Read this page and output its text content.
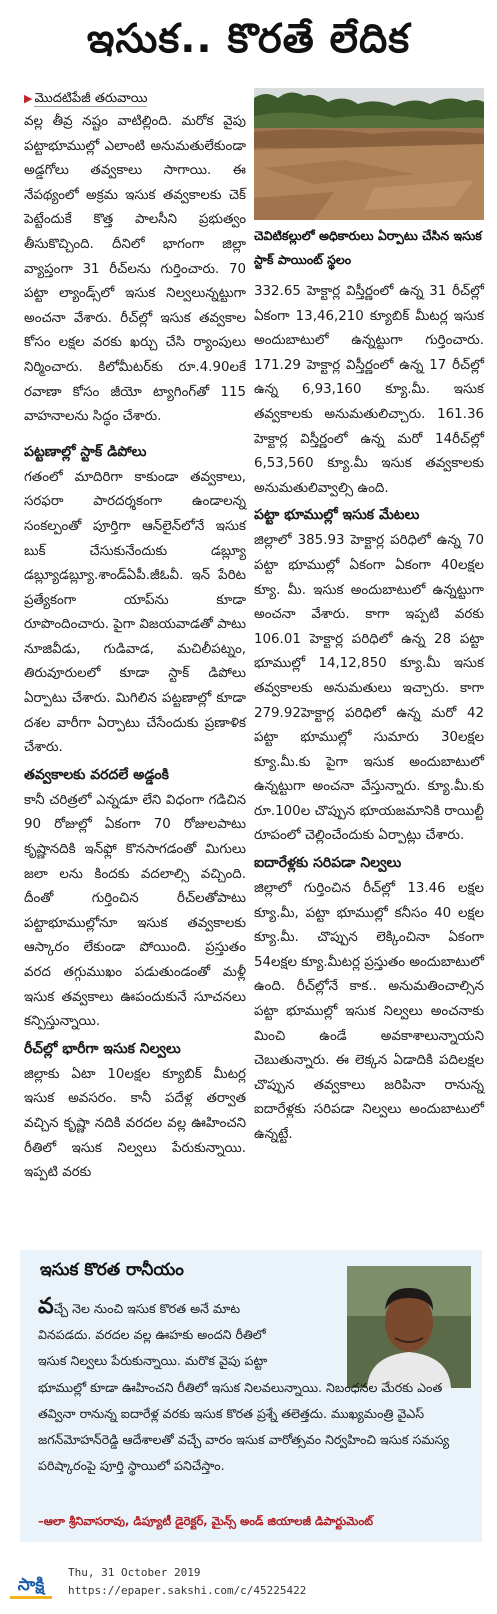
ఇసుక.. కొరతే లేదిక
▶ మొదటిపేజీ తరువాయి

వల్ల తీవ్ర నష్టం వాటిల్లింది. మరోక వైపు పట్టాభూముల్లో ఎలాంటి అనుమతులేకుండా అడ్డగోలు తవ్వకాలు సాగాయి. ఈ నేపథ్యంలో అక్రమ ఇసుక తవ్వకాలకు చెక్ పెట్టేందుకే కొత్త పాలసీని ప్రభుత్వం తీసుకొచ్చింది. దీనిలో భాగంగా జిల్లా వ్యాప్తంగా 31 రీచ్‌లను గుర్తించారు. 70 పట్టా ల్యాండ్స్‌లో ఇసుక నిల్వలున్నట్టుగా అంచనా వేశారు. రీచ్‌ల్లో ఇసుక తవ్వకాల కోసం లక్షల వరకు ఖర్చు చేసి ర్యాంపులు నిర్మించారు. కిలోమీటర్‌కు రూ.4.90లకే రవాణా కోసం జీయో ట్యాగింగ్‌తో 115 వాహనాలను సిద్ధం చేశారు.

పట్టణాల్లో స్టాక్ డిపోలు

గతంలో మాదిరిగా కాకుండా తవ్వకాలు, సరఫరా పారదర్శకంగా ఉండాలన్న సంకల్పంతో పూర్తిగా ఆన్‌లైన్‌లోనే ఇసుక బుక్ చేసుకునేందుకు డబ్ల్యూ డబ్ల్యూడబ్ల్యూ.శాండ్‌ఏపీ.జీఓవీ. ఇన్ పేరిట ప్రత్యేకంగా యాప్‌ను కూడా రూపొందించారు. పైగా విజయవాడతో పాటు నూజివీడు, గుడివాడ, మచిలీపట్నం, తిరువూరులలో కూడా స్టాక్ డిపోలు ఏర్పాటు చేశారు. మిగిలిన పట్టణాల్లో కూడా దశల వారీగా ఏర్పాటు చేసేందుకు ప్రణాళిక చేశారు.

తవ్వకాలకు వరదలే అడ్డంకి

కానీ చరిత్రలో ఎన్నడూ లేని విధంగా గడిచిన 90 రోజుల్లో ఏకంగా 70 రోజులపాటు కృష్ణానదికి ఇన్‌ఫ్లో కొనసాగడంతో మిగులు జలా లను కిందకు వదలాల్సి వచ్చింది. దీంతో గుర్తించిన రీచ్‌లతోపాటు పట్టాభూముల్లోనూ ఇసుక తవ్వకాలకు ఆస్కారం లేకుండా పోయింది. ప్రస్తుతం వరద తగ్గుముఖం పడుతుండంతో మళ్లీ ఇసుక తవ్వకాలు ఊపందుకునే సూచనలు కన్పిస్తున్నాయి.

రీచ్‌ల్లో భారీగా ఇసుక నిల్వలు

జిల్లాకు ఏటా 10లక్షల క్యూబిక్ మీటర్ల ఇసుక అవసరం. కానీ పదేళ్ల తర్వాత వచ్చిన కృష్ణా నదికి వరదల వల్ల ఊహించని రీతిలో ఇసుక నిల్వలు పేరుకున్నాయి. ఇప్పటి వరకు

చెవిటికల్లులో అధికారులు ఏర్పాటు చేసిన ఇసుక స్టాక్ పాయింట్ స్థలం

332.65 హెక్టార్ల విస్తీర్ణంలో ఉన్న 31 రీచ్‌ల్లో ఏకంగా 13,46,210 క్యూబిక్ మీటర్ల ఇసుక అందుబాటులో ఉన్నట్టుగా గుర్తించారు. 171.29 హెక్టార్ల విస్తీర్ణంలో ఉన్న 17 రీచ్‌ల్లో ఉన్న 6,93,160 క్యూ.మీ. ఇసుక తవ్వకాలకు అనుమతులిచ్చారు. 161.36 హెక్టార్ల విస్తీర్ణంలో ఉన్న మరో 14రీచ్‌ల్లో 6,53,560 క్యూ.మీ ఇసుక తవ్వకాలకు అనుమతులివ్వాల్సి ఉంది.

పట్టా భూముల్లో ఇసుక మేటలు

జిల్లాలో 385.93 హెక్టార్ల పరిధిలో ఉన్న 70 పట్టా భూముల్లో ఏకంగా ఏకంగా 40లక్షల క్యూ. మీ. ఇసుక అందుబాటులో ఉన్నట్టుగా అంచనా వేశారు. కాగా ఇప్పటి వరకు 106.01 హెక్టార్ల పరిధిలో ఉన్న 28 పట్టా భూముల్లో 14,12,850 క్యూ.మీ ఇసుక తవ్వకాలకు అనుమతులు ఇచ్చారు. కాగా 279.92హెక్టార్ల పరిధిలో ఉన్న మరో 42 పట్టా భూముల్లో సుమారు 30లక్షల క్యూ.మీ.కు పైగా ఇసుక అందుబాటులో ఉన్నట్టుగా అంచనా వేస్తున్నారు. క్యూ.మీ.కు రూ.100ల చొప్పున భూయజమానికి రాయిల్టీ రూపంలో చెల్లించేందుకు ఏర్పాట్లు చేశారు.

ఐదారేళ్లకు సరిపడా నిల్వలు

జిల్లాలో గుర్తించిన రీచ్‌ల్లో 13.46 లక్షల క్యూ.మీ, పట్టా భూముల్లో కనీసం 40 లక్షల క్యూ.మీ. చొప్పున లెక్కించినా ఏకంగా 54లక్షల క్యూ.మీటర్ల ప్రస్తుతం అందుబాటులో ఉంది. రీచ్‌ల్లోనే కాక.. అనుమతించాల్సిన పట్టా భూముల్లో ఇసుక నిల్వలు అంచనాకు మించి ఉండే అవకాశాలున్నాయని చెబుతున్నారు. ఈ లెక్కన ఏడాదికి పదిలక్షల చొప్పున తవ్వకాలు జరిపినా రానున్న ఐదారేళ్లకు సరిపడా నిల్వలు అందుబాటులో ఉన్నట్టే.

ఇసుక కొరత రానీయం
వచ్చే నెల నుంచి ఇసుక కొరత అనే మాట
వినపడదు. వరదల వల్ల ఊహకు అందని రీతిలో
ఇసుక నిల్వలు పేరుకున్నాయి. మరొక వైపు పట్టా
భూముల్లో కూడా ఊహించని రీతిలో ఇసుక నిలవలున్నాయి. నిబంధనల మేరకు ఎంత తవ్వినా రానున్న ఐదారేళ్ల వరకు ఇసుక కొరత ప్రశ్నే తలెత్తదు. ముఖ్యమంత్రి వైఎస్ జగన్‌మోహన్‌రెడ్డి ఆదేశాలతో వచ్చే వారం ఇసుక వారోత్సవం నిర్వహించి ఇసుక సమస్య పరిష్కారంపై పూర్తి స్థాయిలో పనిచేస్తాం.
–ఆలా శ్రీనివాసరావు, డిప్యూటీ డైరెక్టర్, మైన్స్ అండ్ జియాలజీ డిపార్టుమెంట్
సాక్షి
Thu, 31 October 2019
https://epaper.sakshi.com/c/45225422
